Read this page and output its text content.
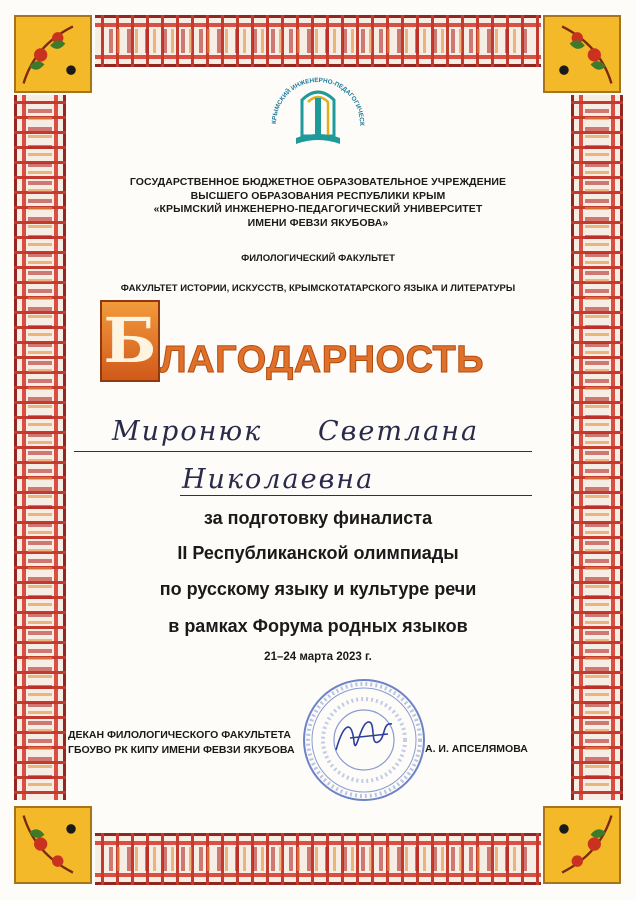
КРЫМСКИЙ ИНЖЕНЕРНО-ПЕДАГОГИЧЕСК
ГОСУДАРСТВЕННОЕ БЮДЖЕТНОЕ ОБРАЗОВАТЕЛЬНОЕ УЧРЕЖДЕНИЕ
ВЫСШЕГО ОБРАЗОВАНИЯ РЕСПУБЛИКИ КРЫМ
«КРЫМСКИЙ ИНЖЕНЕРНО-ПЕДАГОГИЧЕСКИЙ УНИВЕРСИТЕТ
ИМЕНИ ФЕВЗИ ЯКУБОВА»
ФИЛОЛОГИЧЕСКИЙ ФАКУЛЬТЕТ
ФАКУЛЬТЕТ ИСТОРИИ, ИСКУССТВ, КРЫМСКОТАТАРСКОГО ЯЗЫКА И ЛИТЕРАТУРЫ
Б ЛАГОДАРНОСТЬ
Миронюк Светлана
Николаевна
за подготовку финалиста
II Республиканской олимпиады
по русскому языку и культуре речи
в рамках Форума родных языков
21–24 марта 2023 г.
ДЕКАН ФИЛОЛОГИЧЕСКОГО ФАКУЛЬТЕТА
ГБОУВО РК КИПУ ИМЕНИ ФЕВЗИ ЯКУБОВА	А. И. АПСЕЛЯМОВА
